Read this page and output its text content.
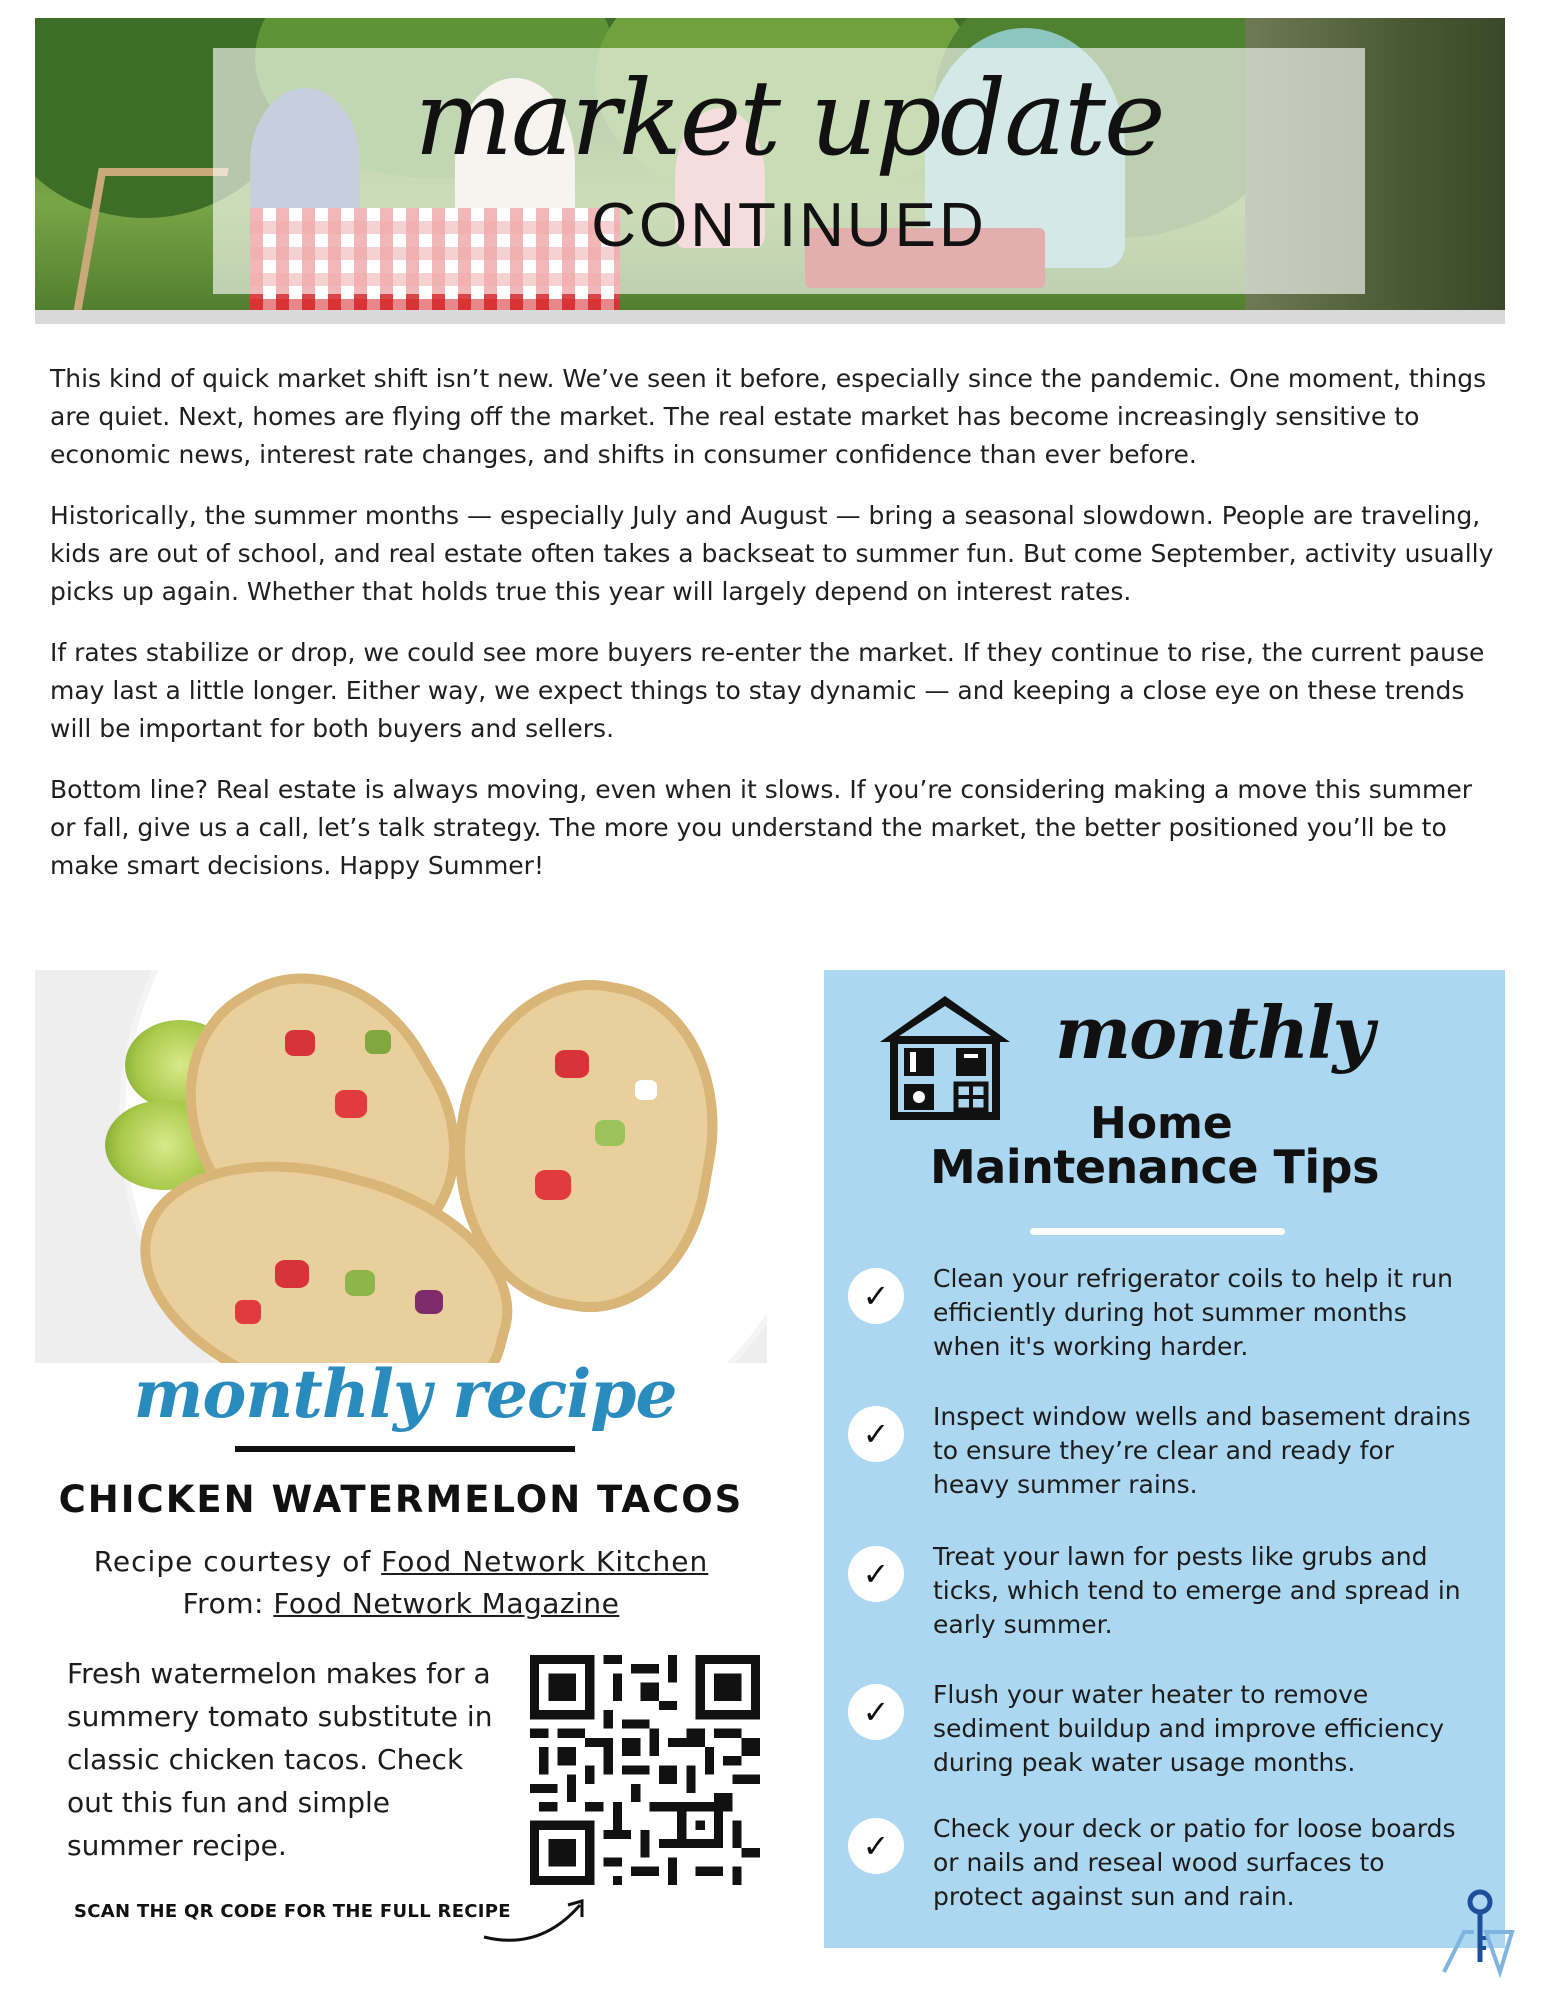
market update
CONTINUED

This kind of quick market shift isn’t new. We’ve seen it before, especially since the pandemic. One moment, things are quiet. Next, homes are flying off the market. The real estate market has become increasingly sensitive to economic news, interest rate changes, and shifts in consumer confidence than ever before.

Historically, the summer months — especially July and August — bring a seasonal slowdown. People are traveling, kids are out of school, and real estate often takes a backseat to summer fun. But come September, activity usually picks up again. Whether that holds true this year will largely depend on interest rates.

If rates stabilize or drop, we could see more buyers re-enter the market. If they continue to rise, the current pause may last a little longer. Either way, we expect things to stay dynamic — and keeping a close eye on these trends will be important for both buyers and sellers.

Bottom line? Real estate is always moving, even when it slows. If you’re considering making a move this summer or fall, give us a call, let’s talk strategy. The more you understand the market, the better positioned you’ll be to make smart decisions. Happy Summer!

monthly recipe
CHICKEN WATERMELON TACOS
Recipe courtesy of Food Network Kitchen
From: Food Network Magazine
Fresh watermelon makes for a summery tomato substitute in classic chicken tacos. Check out this fun and simple summer recipe.
SCAN THE QR CODE FOR THE FULL RECIPE
monthly
Home
Maintenance Tips
✓	Clean your refrigerator coils to help it run efficiently during hot summer months when it's working harder.
✓	Inspect window wells and basement drains to ensure they’re clear and ready for heavy summer rains.
✓	Treat your lawn for pests like grubs and ticks, which tend to emerge and spread in early summer.
✓	Flush your water heater to remove sediment buildup and improve efficiency during peak water usage months.
✓	Check your deck or patio for loose boards or nails and reseal wood surfaces to protect against sun and rain.
